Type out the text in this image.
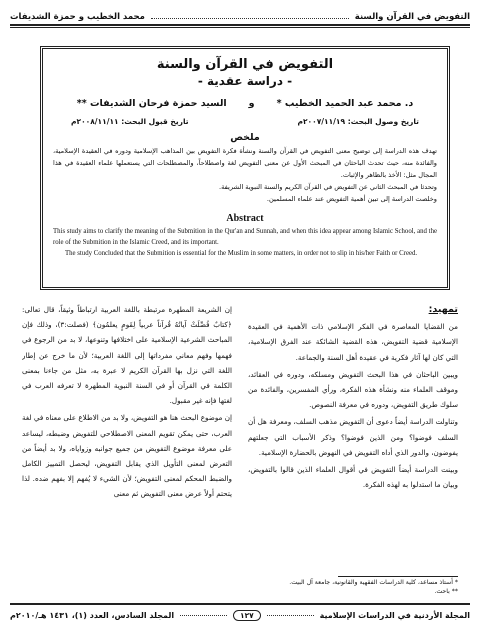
التفويض في القرآن والسنة
محمد الخطيب و حمزة الشديفات
التفويض في القرآن والسنة
- دراسة عقدية -
د. محمد عبد الحميد الخطيب *
و
السيد حمزة فرحان الشديفات **
تاريخ وصول البحث: ٢٠٠٧/١١/١٩م
تاريخ قبول البحث: ٢٠٠٨/١١/١١م
ملخص

تهدف هذه الدراسة إلى توضيح معنى التفويض في القرآن والسنة ونشأة فكرة التفويض بين المذاهب الإسلامية ودوره في العقيدة الإسلامية، والفائدة منه، حيث تحدث الباحثان في المبحث الأول عن معنى التفويض لغة واصطلاحاً، والمصطلحات التي يستعملها علماء العقيدة في هذا المجال مثل: الأخذ بالظاهر والإثبات.

وتحدثا في المبحث الثاني عن التفويض في القرآن الكريم والسنة النبوية الشريفة.

وخلصت الدراسة إلى تبين أهمية التفويض عند علماء المسلمين.

Abstract

This study aims to clarify the meaning of the Submition in the Qur'an and Sunnah, and when this idea appear among Islamic School, and the role of the Submition in the Islamic Creed, and its important.

The study Concluded that the Submition is essential for the Muslim in some matters, in order not to slip in his/her Faith or Creed.

تمهيد:

من القضايا المعاصرة في الفكر الإسلامي ذات الأهمية في العقيدة الإسلامية قضية التفويض، هذه القضية الشائكة عند الفرق الإسلامية، التي كان لها آثار فكرية في عقيدة أهل السنة والجماعة.

ويبين الباحثان في هذا البحث التفويض ومسلكه، ودوره في العقائد، وموقف العلماء منه ونشأة هذه الفكرة، ورأي المفسرين، والفائدة من سلوك طريق التفويض، ودوره في معرفة النصوص.

وتناولت الدراسة أيضاً دعوى أن التفويض مذهب السلف، ومعرفة هل أن السلف فوضوا؟ ومن الذين فوضوا؟ وذكر الأسباب التي جعلتهم يفوضون، والدور الذي أداه التفويض في النهوض بالحضارة الإسلامية.

وبينت الدراسة أيضاً التفويض في أقوال العلماء الذين قالوا بالتفويض، وبيان ما استدلوا به لهذه الفكرة.

إن الشريعة المطهرة مرتبطة باللغة العربية ارتباطاً وثيقاً، قال تعالى: ﴿كتابٌ فُصِّلَتْ آياتُهُ قُرآناً عربياً لِقَومٍ يعلمُون﴾ (فصلت:٣)، وذلك فإن المباحث الشرعية الإسلامية على اختلافها وتنوعها، لا بد من الرجوع في فهمها وفهم معاني مفرداتها إلى اللغة العربية؛ لأن ما خرج عن إطار اللغة التي نزل بها القرآن الكريم لا عبرة به، مثل من جاءنا بمعنى الكلمة في القرآن أو في السنة النبوية المطهرة لا تعرفه العرب في لغتها فإنه غير مقبول.

إن موضوع البحث هنا هو التفويض، ولا بد من الاطلاع على معناه في لغة العرب، حتى يمكن تقويم المعنى الاصطلاحي للتفويض وضبطه، ليساعد على معرفة موضوع التفويض من جميع جوانبه وزواياه، ولا بد أيضاً من التعرض لمعنى التأويل الذي يقابل التفويض، ليحصل التمييز الكامل والضبط المحكم لمعنى التفويض؛ لأن الشيء لا يُفهم إلا بفهم ضده. لذا يتحتم أولاً عرض معنى التفويض ثم معنى

* أستاذ مساعد، كلية الدراسات الفقهية والقانونية، جامعة آل البيت.
** باحث.
المجلة الأردنية في الدراسات الإسلامية
١٢٧
المجلد السادس، العدد (١)، ١٤٣١ هـ/٢٠١٠م
